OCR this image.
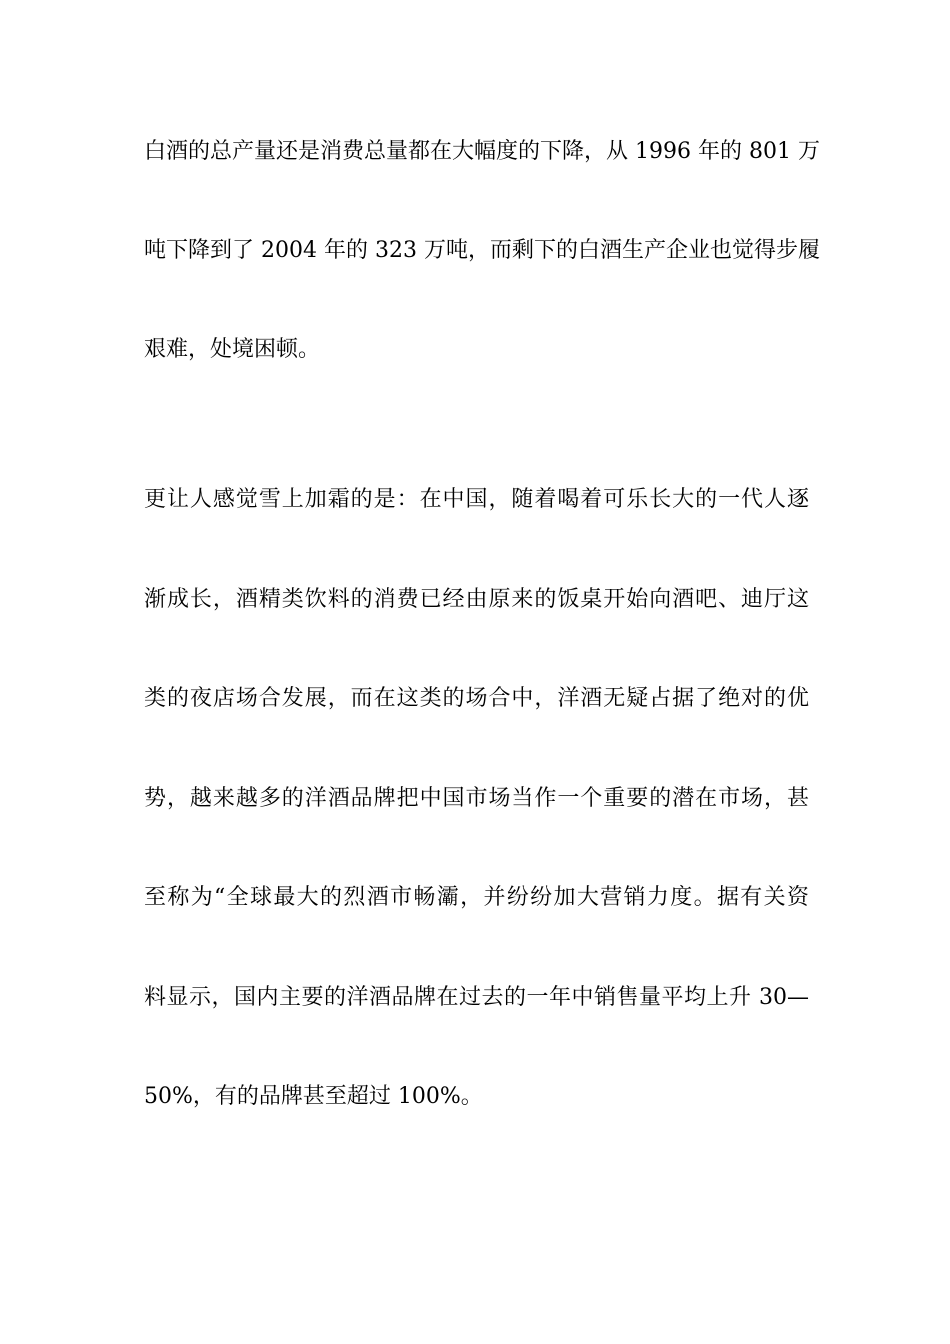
白酒的总产量还是消费总量都在大幅度的下降，从 1996 年的 801 万
吨下降到了 2004 年的 323 万吨，而剩下的白酒生产企业也觉得步履
艰难，处境困顿。
更让人感觉雪上加霜的是：在中国，随着喝着可乐长大的一代人逐
渐成长，酒精类饮料的消费已经由原来的饭桌开始向酒吧、迪厅这
类的夜店场合发展，而在这类的场合中，洋酒无疑占据了绝对的优
势，越来越多的洋酒品牌把中国市场当作一个重要的潜在市场，甚
至称为“全球最大的烈酒市畅灞，并纷纷加大营销力度。据有关资
料显示，国内主要的洋酒品牌在过去的一年中销售量平均上升 30—
50%，有的品牌甚至超过 100%。
